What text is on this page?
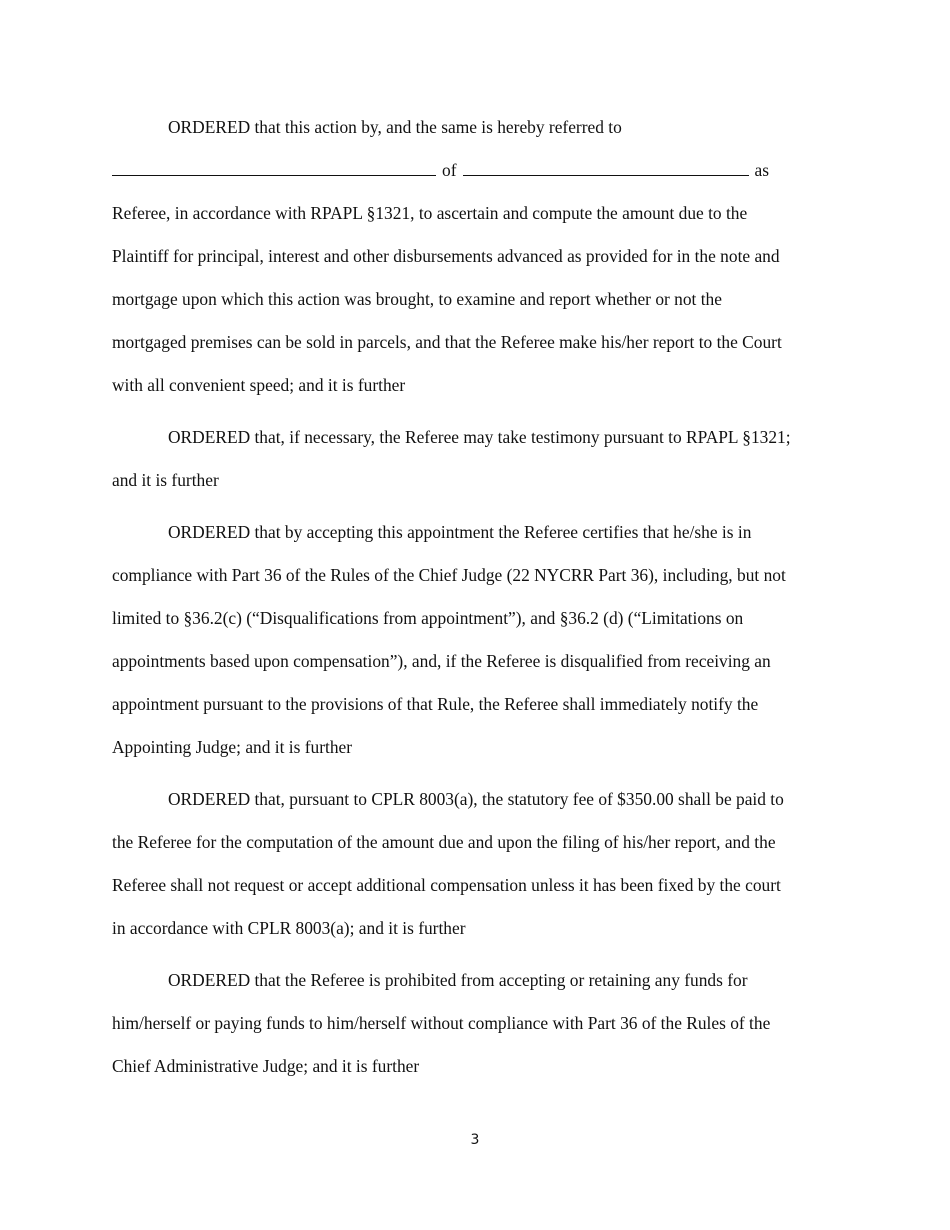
ORDERED that this action by, and the same is hereby referred to
of	as
Referee, in accordance with RPAPL §1321, to ascertain and compute the amount due to the
Plaintiff for principal, interest and other disbursements advanced as provided for in the note and
mortgage upon which this action was brought, to examine and report whether or not the
mortgaged premises can be sold in parcels, and that the Referee make his/her report to the Court
with all convenient speed; and it is further
ORDERED that, if necessary, the Referee may take testimony pursuant to RPAPL §1321;
and it is further
ORDERED that by accepting this appointment the Referee certifies that he/she is in
compliance with Part 36 of the Rules of the Chief Judge (22 NYCRR Part 36), including, but not
limited to §36.2(c) (“Disqualifications from appointment”), and §36.2 (d) (“Limitations on
appointments based upon compensation”), and, if the Referee is disqualified from receiving an
appointment pursuant to the provisions of that Rule, the Referee shall immediately notify the
Appointing Judge; and it is further
ORDERED that, pursuant to CPLR 8003(a), the statutory fee of $350.00 shall be paid to
the Referee for the computation of the amount due and upon the filing of his/her report, and the
Referee shall not request or accept additional compensation unless it has been fixed by the court
in accordance with CPLR 8003(a); and it is further
ORDERED that the Referee is prohibited from accepting or retaining any funds for
him/herself or paying funds to him/herself without compliance with Part 36 of the Rules of the
Chief Administrative Judge; and it is further
3
